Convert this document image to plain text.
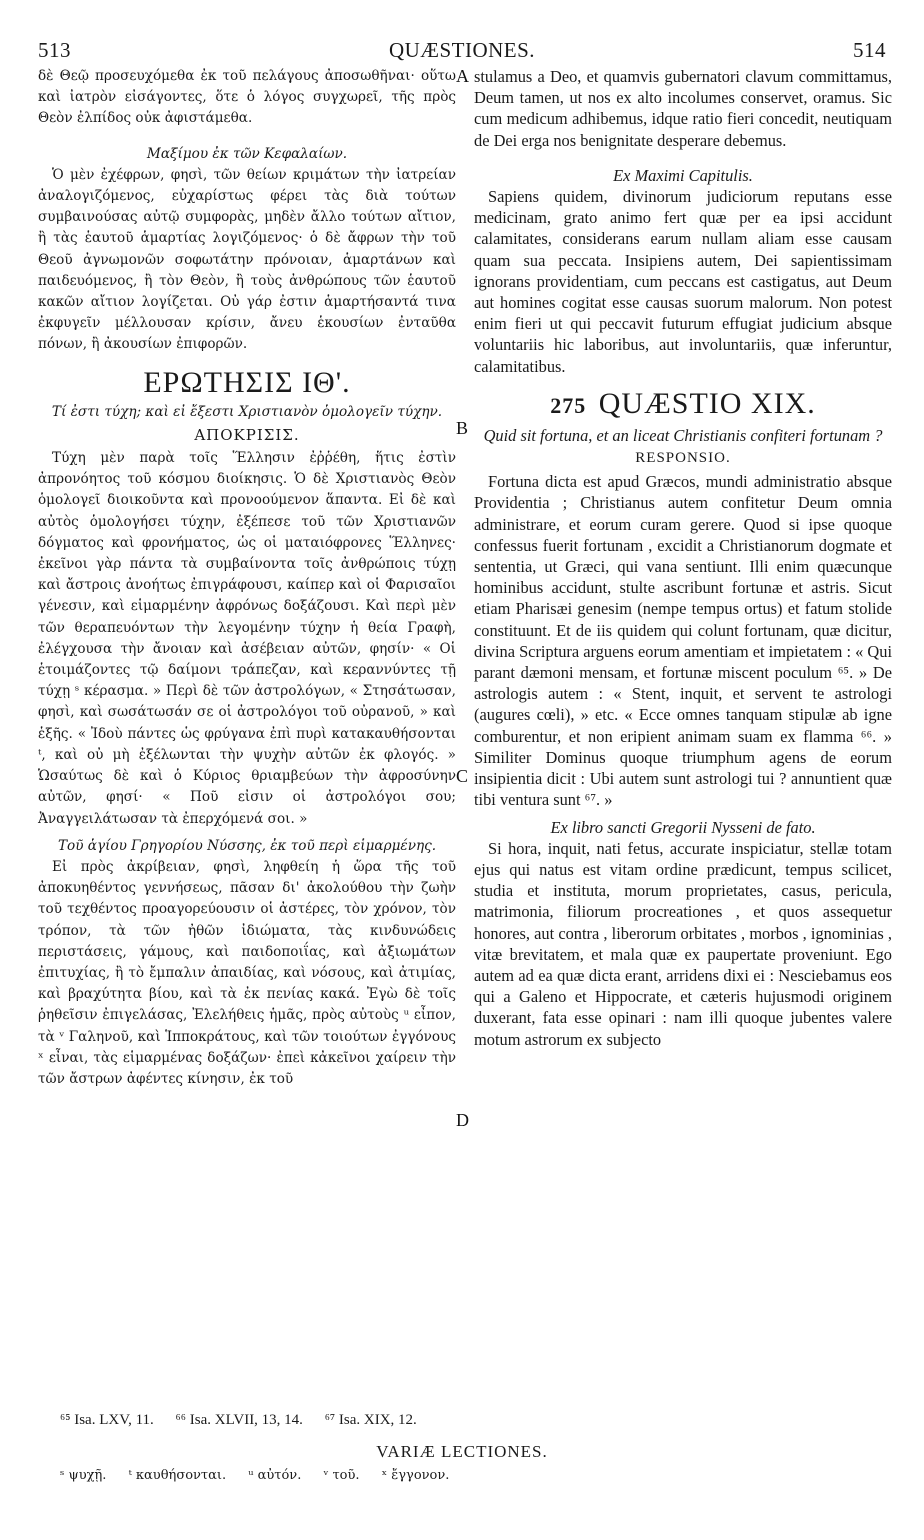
513	QUÆSTIONES.	514

δὲ Θεῷ προσευχόμεθα ἐκ τοῦ πελάγους ἀποσωθῆναι· οὕτω καὶ ἰατρὸν εἰσάγοντες, ὅτε ὁ λόγος συγχωρεῖ, τῆς πρὸς Θεὸν ἐλπίδος οὐκ ἀφιστάμεθα.

Μαξίμου ἐκ τῶν Κεφαλαίων.

Ὁ μὲν ἐχέφρων, φησὶ, τῶν θείων κριμάτων τὴν ἰατρείαν ἀναλογιζόμενος, εὐχαρίστως φέρει τὰς διὰ τούτων συμβαινούσας αὐτῷ συμφορὰς, μηδὲν ἄλλο τούτων αἴτιον, ἢ τὰς ἑαυτοῦ ἁμαρτίας λογιζόμενος· ὁ δὲ ἄφρων τὴν τοῦ Θεοῦ ἀγνωμονῶν σοφωτάτην πρόνοιαν, ἁμαρτάνων καὶ παιδευόμενος, ἢ τὸν Θεὸν, ἢ τοὺς ἀνθρώπους τῶν ἑαυτοῦ κακῶν αἴτιον λογίζεται. Οὐ γάρ ἐστιν ἁμαρτήσαντά τινα ἐκφυγεῖν μέλλουσαν κρίσιν, ἄνευ ἑκουσίων ἐνταῦθα πόνων, ἢ ἀκουσίων ἐπιφορῶν.

ΕΡΩΤΗΣΙΣ ΙΘ'.

Τί ἐστι τύχη; καὶ εἰ ἔξεστι Χριστιανὸν ὁμολογεῖν τύχην.

ΑΠΟΚΡΙΣΙΣ.

Τύχη μὲν παρὰ τοῖς Ἕλλησιν ἐῤῥέθη, ἥτις ἐστὶν ἀπρονόητος τοῦ κόσμου διοίκησις. Ὁ δὲ Χριστιανὸς Θεὸν ὁμολογεῖ διοικοῦντα καὶ προνοούμενον ἅπαντα. Εἰ δὲ καὶ αὐτὸς ὁμολογήσει τύχην, ἐξέπεσε τοῦ τῶν Χριστιανῶν δόγματος καὶ φρονήματος, ὡς οἱ ματαιόφρονες Ἕλληνες· ἐκεῖνοι γὰρ πάντα τὰ συμβαίνοντα τοῖς ἀνθρώποις τύχῃ καὶ ἄστροις ἀνοήτως ἐπιγράφουσι, καίπερ καὶ οἱ Φαρισαῖοι γένεσιν, καὶ εἱμαρμένην ἀφρόνως δοξάζουσι. Καὶ περὶ μὲν τῶν θεραπευόντων τὴν λεγομένην τύχην ἡ θεία Γραφὴ, ἐλέγχουσα τὴν ἄνοιαν καὶ ἀσέβειαν αὐτῶν, φησίν· « Οἱ ἑτοιμάζοντες τῷ δαίμονι τράπεζαν, καὶ κεραννύντες τῇ τύχῃ ˢ κέρασμα. » Περὶ δὲ τῶν ἀστρολόγων, « Στησάτωσαν, φησὶ, καὶ σωσάτωσάν σε οἱ ἀστρολόγοι τοῦ οὐρανοῦ, » καὶ ἑξῆς. « Ἰδοὺ πάντες ὡς φρύγανα ἐπὶ πυρὶ κατακαυθήσονται ᵗ, καὶ οὐ μὴ ἐξέλωνται τὴν ψυχὴν αὐτῶν ἐκ φλογός. » Ὡσαύτως δὲ καὶ ὁ Κύριος θριαμβεύων τὴν ἀφροσύνην αὐτῶν, φησί· « Ποῦ εἰσιν οἱ ἀστρολόγοι σου; Ἀναγγειλάτωσαν τὰ ἐπερχόμενά σοι. »

Τοῦ ἁγίου Γρηγορίου Νύσσης, ἐκ τοῦ περὶ εἱμαρμένης.

Εἰ πρὸς ἀκρίβειαν, φησὶ, ληφθείη ἡ ὥρα τῆς τοῦ ἀποκυηθέντος γεννήσεως, πᾶσαν δι' ἀκολούθου τὴν ζωὴν τοῦ τεχθέντος προαγορεύουσιν οἱ ἀστέρες, τὸν χρόνον, τὸν τρόπον, τὰ τῶν ἠθῶν ἰδιώματα, τὰς κινδυνώδεις περιστάσεις, γάμους, καὶ παιδοποιΐας, καὶ ἀξιωμάτων ἐπιτυχίας, ἢ τὸ ἔμπαλιν ἀπαιδίας, καὶ νόσους, καὶ ἀτιμίας, καὶ βραχύτητα βίου, καὶ τὰ ἐκ πενίας κακά. Ἐγὼ δὲ τοῖς ῥηθεῖσιν ἐπιγελάσας, Ἐλελήθεις ἡμᾶς, πρὸς αὐτοὺς ᵘ εἶπον, τὰ ᵛ Γαληνοῦ, καὶ Ἱπποκράτους, καὶ τῶν τοιούτων ἐγγόνους ˣ εἶναι, τὰς εἱμαρμένας δοξάζων· ἐπεὶ κἀκεῖνοι χαίρειν τὴν τῶν ἄστρων ἀφέντες κίνησιν, ἐκ τοῦ

stulamus a Deo, et quamvis gubernatori clavum committamus, Deum tamen, ut nos ex alto incolumes conservet, oramus. Sic cum medicum adhibemus, idque ratio fieri concedit, neutiquam de Dei erga nos benignitate desperare debemus.

Ex Maximi Capitulis.

Sapiens quidem, divinorum judiciorum reputans esse medicinam, grato animo fert quæ per ea ipsi accidunt calamitates, considerans earum nullam aliam esse causam quam sua peccata. Insipiens autem, Dei sapientissimam ignorans providentiam, cum peccans est castigatus, aut Deum aut homines cogitat esse causas suorum malorum. Non potest enim fieri ut qui peccavit futurum effugiat judicium absque voluntariis hic laboribus, aut involuntariis, quæ inferuntur, calamitatibus.

275 QUÆSTIO XIX.

Quid sit fortuna, et an liceat Christianis confiteri fortunam ?

RESPONSIO.

Fortuna dicta est apud Græcos, mundi administratio absque Providentia ; Christianus autem confitetur Deum omnia administrare, et eorum curam gerere. Quod si ipse quoque confessus fuerit fortunam , excidit a Christianorum dogmate et sententia, ut Græci, qui vana sentiunt. Illi enim quæcunque hominibus accidunt, stulte ascribunt fortunæ et astris. Sicut etiam Pharisæi genesim (nempe tempus ortus) et fatum stolide constituunt. Et de iis quidem qui colunt fortunam, quæ dicitur, divina Scriptura arguens eorum amentiam et impietatem : « Qui parant dæmoni mensam, et fortunæ miscent poculum ⁶⁵. » De astrologis autem : « Stent, inquit, et servent te astrologi (augures cœli), » etc. « Ecce omnes tanquam stipulæ ab igne comburentur, et non eripient animam suam ex flamma ⁶⁶. » Similiter Dominus quoque triumphum agens de eorum insipientia dicit : Ubi autem sunt astrologi tui ? annuntient quæ tibi ventura sunt ⁶⁷. »

Ex libro sancti Gregorii Nysseni de fato.

Si hora, inquit, nati fetus, accurate inspiciatur, stellæ totam ejus qui natus est vitam ordine prædicunt, tempus scilicet, studia et instituta, morum proprietates, casus, pericula, matrimonia, filiorum procreationes , et quos assequetur honores, aut contra , liberorum orbitates , morbos , ignominias , vitæ brevitatem, et mala quæ ex paupertate proveniunt. Ego autem ad ea quæ dicta erant, arridens dixi ei : Nesciebamus eos qui a Galeno et Hippocrate, et cæteris hujusmodi originem duxerant, fata esse opinari : nam illi quoque jubentes valere motum astrorum ex subjecto

A
B
C
D
⁶⁵ Isa. LXV, 11. ⁶⁶ Isa. XLVII, 13, 14. ⁶⁷ Isa. XIX, 12.
VARIÆ LECTIONES.
ˢ ψυχῇ. ᵗ καυθήσονται. ᵘ αὐτόν. ᵛ τοῦ. ˣ ἔγγονον.
